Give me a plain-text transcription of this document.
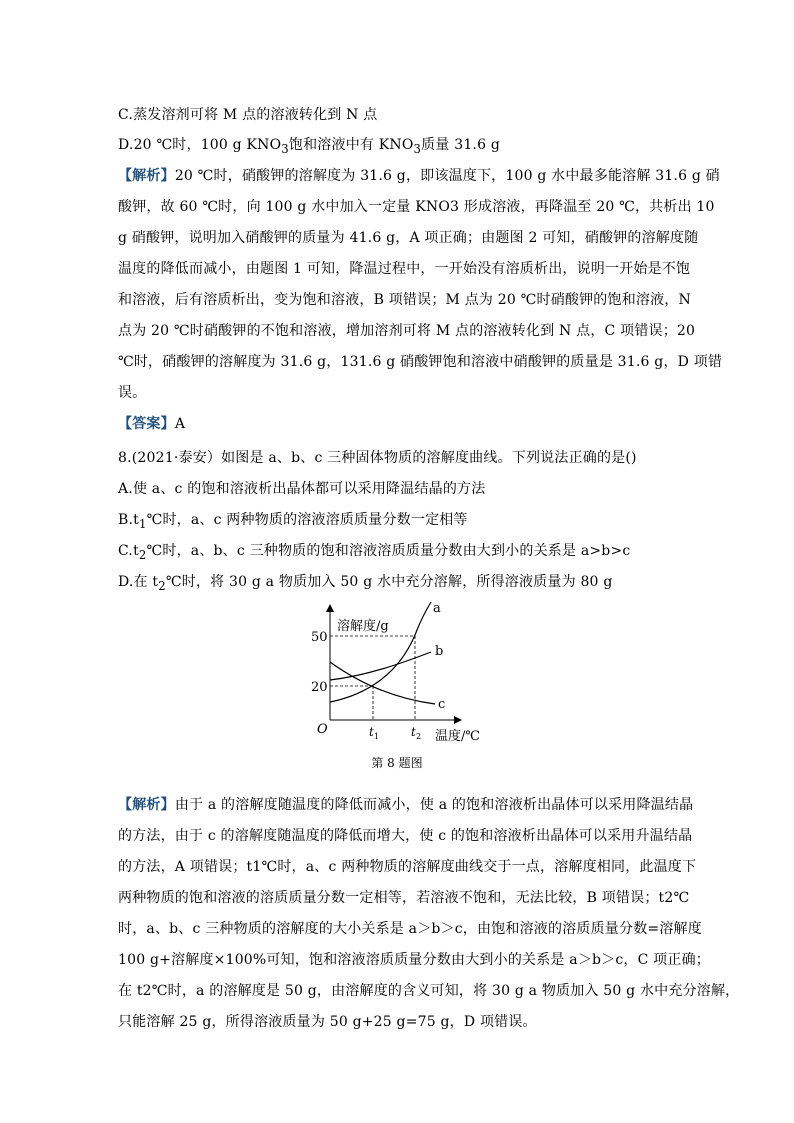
C.蒸发溶剂可将 M 点的溶液转化到 N 点
D.20 ℃时，100 g $KNO_3$饱和溶液中有 $KNO_3$质量 31.6 g
【解析】20 ℃时，硝酸钾的溶解度为 31.6 g，即该温度下，100 g 水中最多能溶解 31.6 g 硝
酸钾，故 60 ℃时，向 100 g 水中加入一定量 KNO3 形成溶液，再降温至 20 ℃，共析出 10
g 硝酸钾，说明加入硝酸钾的质量为 41.6 g，A 项正确；由题图 2 可知，硝酸钾的溶解度随
温度的降低而减小，由题图 1 可知，降温过程中，一开始没有溶质析出，说明一开始是不饱
和溶液，后有溶质析出，变为饱和溶液，B 项错误；M 点为 20 ℃时硝酸钾的饱和溶液，N
点为 20 ℃时硝酸钾的不饱和溶液，增加溶剂可将 M 点的溶液转化到 N 点，C 项错误；20
℃时，硝酸钾的溶解度为 31.6 g，131.6 g 硝酸钾饱和溶液中硝酸钾的质量是 31.6 g，D 项错
误。
【答案】A
8.(2021·泰安）如图是 a、b、c 三种固体物质的溶解度曲线。下列说法正确的是()
A.使 a、c 的饱和溶液析出晶体都可以采用降温结晶的方法
$B.t_1℃$时，a、c 两种物质的溶液溶质质量分数一定相等
$C.t_2℃$时，a、b、c 三种物质的饱和溶液溶质质量分数由大到小的关系是 a>b>c
D.在 $t_2℃$时，将 30 g a 物质加入 50 g 水中充分溶解，所得溶液质量为 80 g
溶解度/g
50
20
O	t 1	t 2 温度/℃
a
b
c
第 8 题图
【解析】由于 a 的溶解度随温度的降低而减小，使 a 的饱和溶液析出晶体可以采用降温结晶
的方法，由于 c 的溶解度随温度的降低而增大，使 c 的饱和溶液析出晶体可以采用升温结晶
的方法，A 项错误；t1℃时，a、c 两种物质的溶解度曲线交于一点，溶解度相同，此温度下
两种物质的饱和溶液的溶质质量分数一定相等，若溶液不饱和，无法比较，B 项错误；t2℃
时，a、b、c 三种物质的溶解度的大小关系是 a＞b＞c，由饱和溶液的溶质质量分数=溶解度
100 g+溶解度×100%可知，饱和溶液溶质质量分数由大到小的关系是 a＞b＞c，C 项正确；
在 t2℃时，a 的溶解度是 50 g，由溶解度的含义可知，将 30 g a 物质加入 50 g 水中充分溶解，
只能溶解 25 g，所得溶液质量为 50 g+25 g=75 g，D 项错误。
